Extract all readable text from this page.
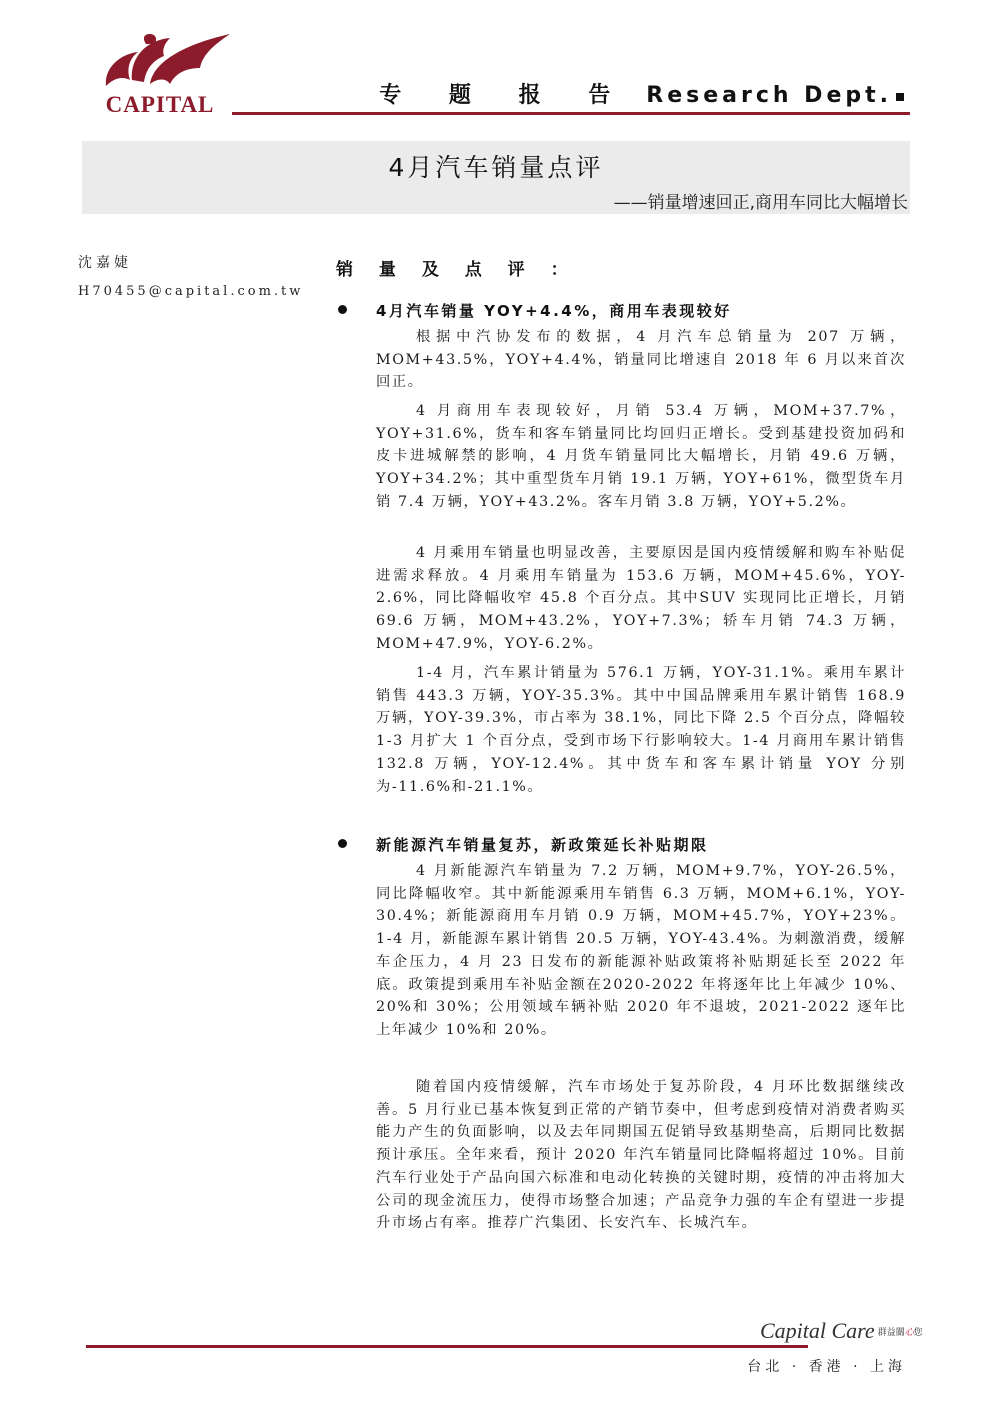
CAPITAL	专 题 报 告 Research Dept.
4月汽车销量点评
——销量增速回正,商用车同比大幅增长
沈嘉婕
H70455@capital.com.tw
销 量 及 点 评 ：
4月汽车销量 YOY+4.4%，商用车表现较好

根据中汽协发布的数据，4 月汽车总销量为 207 万辆，MOM+43.5%，YOY+4.4%，销量同比增速自 2018 年 6 月以来首次回正。

4 月商用车表现较好，月销 53.4 万辆，MOM+37.7%，YOY+31.6%，货车和客车销量同比均回归正增长。受到基建投资加码和皮卡进城解禁的影响，4 月货车销量同比大幅增长，月销 49.6 万辆，YOY+34.2%；其中重型货车月销 19.1 万辆，YOY+61%，微型货车月销 7.4 万辆，YOY+43.2%。客车月销 3.8 万辆，YOY+5.2%。

4 月乘用车销量也明显改善，主要原因是国内疫情缓解和购车补贴促进需求释放。4 月乘用车销量为 153.6 万辆，MOM+45.6%，YOY-2.6%，同比降幅收窄 45.8 个百分点。其中SUV 实现同比正增长，月销 69.6 万辆，MOM+43.2%，YOY+7.3%；轿车月销 74.3 万辆，MOM+47.9%，YOY-6.2%。

1-4 月，汽车累计销量为 576.1 万辆，YOY-31.1%。乘用车累计销售 443.3 万辆，YOY-35.3%。其中中国品牌乘用车累计销售 168.9 万辆，YOY-39.3%，市占率为 38.1%，同比下降 2.5 个百分点，降幅较 1-3 月扩大 1 个百分点，受到市场下行影响较大。1-4 月商用车累计销售 132.8 万辆，YOY-12.4%。其中货车和客车累计销量 YOY 分别为-11.6%和-21.1%。

新能源汽车销量复苏，新政策延长补贴期限

4 月新能源汽车销量为 7.2 万辆，MOM+9.7%，YOY-26.5%，同比降幅收窄。其中新能源乘用车销售 6.3 万辆，MOM+6.1%，YOY-30.4%；新能源商用车月销 0.9 万辆，MOM+45.7%，YOY+23%。1-4 月，新能源车累计销售 20.5 万辆，YOY-43.4%。为刺激消费，缓解车企压力，4 月 23 日发布的新能源补贴政策将补贴期延长至 2022 年底。政策提到乘用车补贴金额在2020-2022 年将逐年比上年减少 10%、20%和 30%；公用领域车辆补贴 2020 年不退坡，2021-2022 逐年比上年减少 10%和 20%。

随着国内疫情缓解，汽车市场处于复苏阶段，4 月环比数据继续改善。5 月行业已基本恢复到正常的产销节奏中，但考虑到疫情对消费者购买能力产生的负面影响，以及去年同期国五促销导致基期垫高，后期同比数据预计承压。全年来看，预计 2020 年汽车销量同比降幅将超过 10%。目前汽车行业处于产品向国六标准和电动化转换的关键时期，疫情的冲击将加大公司的现金流压力，使得市场整合加速；产品竞争力强的车企有望进一步提升市场占有率。推荐广汽集团、长安汽车、长城汽车。

Capital Care 群益關心您
台北 · 香港 · 上海
